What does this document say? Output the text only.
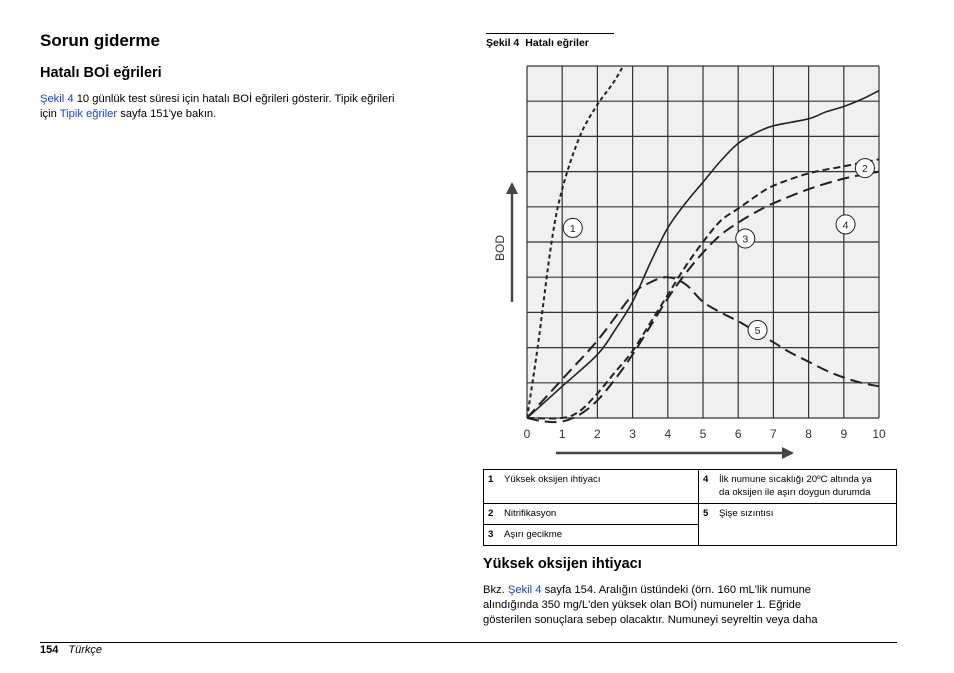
Sorun giderme
Hatalı BOİ eğrileri

Şekil 4 10 günlük test süresi için hatalı BOİ eğrileri gösterir. Tipik eğrileri
için Tipik eğriler sayfa 151'ye bakın.

Şekil 4 Hatalı eğriler
1
2
3
4
5
0 1 2 3 4 5 6 7 8 9 10
BOD
1	Yüksek oksijen ihtiyacı	4	İlk numune sıcaklığı 20ºC altında ya
da oksijen ile aşırı doygun durumda
2	Nitrifikasyon	5	Şişe sızıntısı
3	Aşırı gecikme		
Yüksek oksijen ihtiyacı

Bkz. Şekil 4 sayfa 154. Aralığın üstündeki (örn. 160 mL'lik numune
alındığında 350 mg/L'den yüksek olan BOİ) numuneler 1. Eğride
gösterilen sonuçlara sebep olacaktır. Numuneyi seyreltin veya daha

154 Türkçe
